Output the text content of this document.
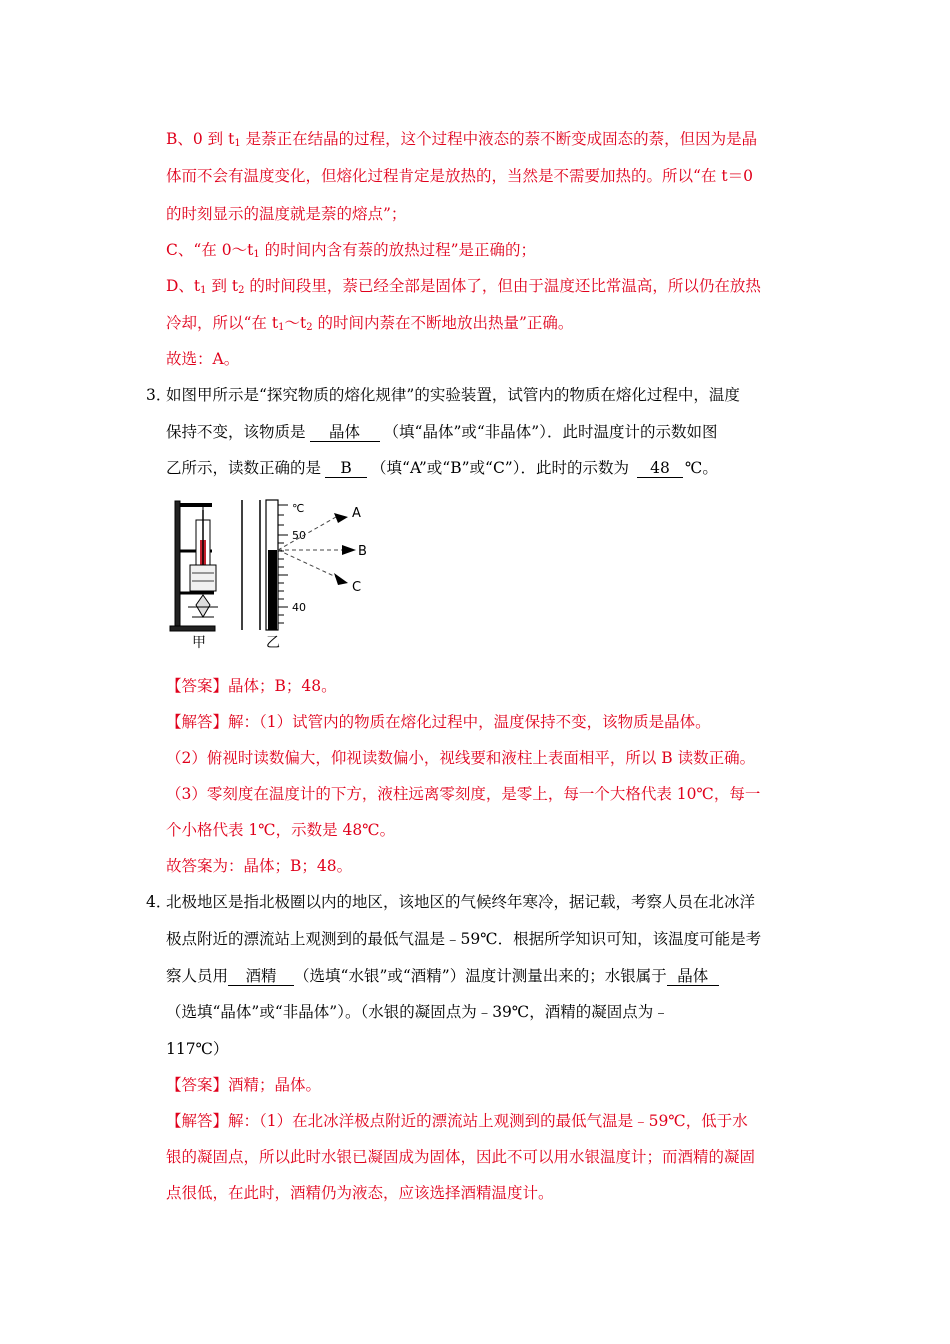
B、0 到 $t_1$ 是萘正在结晶的过程，这个过程中液态的萘不断变成固态的萘，但因为是晶
体而不会有温度变化，但熔化过程肯定是放热的，当然是不需要加热的。所以“在 t＝0
的时刻显示的温度就是萘的熔点”；
C、“在 $0\sim t_1$ 的时间内含有萘的放热过程”是正确的；
D、$t_1$ 到 $t_2$ 的时间段里，萘已经全部是固体了，但由于温度还比常温高，所以仍在放热
冷却，所以“在 $t_1\sim t_2$ 的时间内萘在不断地放出热量”正确。
故选：A。
3．
如图甲所示是“探究物质的熔化规律”的实验装置，试管内的物质在熔化过程中，温度
保持不变，该物质是 晶体 （填“晶体”或“非晶体”）．此时温度计的示数如图
乙所示，读数正确的是 B （填“A”或“B”或“C”）．此时的示数为 48 ℃。
甲
℃
50
40
乙
A
B
C
【答案】晶体；B；48。
【解答】解：（1）试管内的物质在熔化过程中，温度保持不变，该物质是晶体。
（2）俯视时读数偏大，仰视读数偏小，视线要和液柱上表面相平，所以 B 读数正确。
（3）零刻度在温度计的下方，液柱远离零刻度，是零上，每一个大格代表 10℃，每一
个小格代表 1℃，示数是 48℃。
故答案为：晶体；B；48。
4．
北极地区是指北极圈以内的地区，该地区的气候终年寒冷，据记载，考察人员在北冰洋
极点附近的漂流站上观测到的最低气温是﹣59℃．根据所学知识可知，该温度可能是考
察人员用 酒精 （选填“水银”或“酒精”）温度计测量出来的；水银属于 晶体
（选填“晶体”或“非晶体”）。（水银的凝固点为﹣39℃，酒精的凝固点为﹣
117℃）
【答案】酒精；晶体。
【解答】解：（1）在北冰洋极点附近的漂流站上观测到的最低气温是﹣59℃，低于水
银的凝固点，所以此时水银已凝固成为固体，因此不可以用水银温度计；而酒精的凝固
点很低，在此时，酒精仍为液态，应该选择酒精温度计。
